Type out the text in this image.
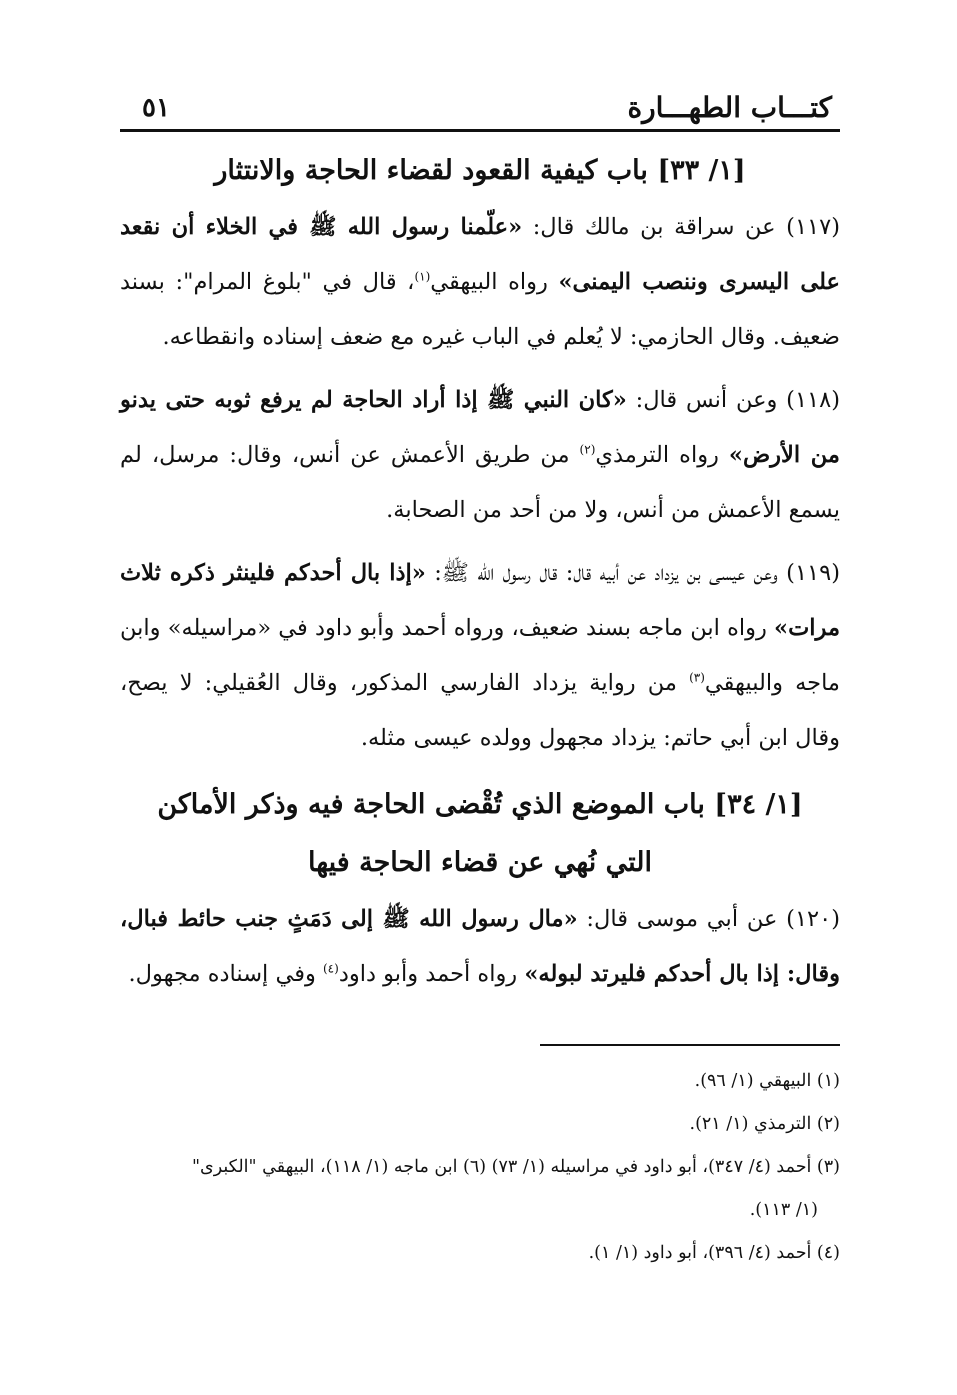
كتـــاب الطهـــارة
٥١
[١/ ٣٣] باب كيفية القعود لقضاء الحاجة والانتثار

(١١٧) عن سراقة بن مالك قال: «علّمنا رسول الله ﷺ في الخلاء أن نقعد على اليسرى وننصب اليمنى» رواه البيهقي$^{(١)}$، قال في "بلوغ المرام": بسند ضعيف. وقال الحازمي: لا يُعلم في الباب غيره مع ضعف إسناده وانقطاعه.

(١١٨) وعن أنس قال: «كان النبي ﷺ إذا أراد الحاجة لم يرفع ثوبه حتى يدنو من الأرض» رواه الترمذي$^{(٢)}$ من طريق الأعمش عن أنس، وقال: مرسل، لم يسمع الأعمش من أنس، ولا من أحد من الصحابة.

(١١٩) وعن عيسى بن يزداد عن أبيه قال: قال رسول الله ﷺ: «إذا بال أحدكم فلينثر ذكره ثلاث مرات» رواه ابن ماجه بسند ضعيف، ورواه أحمد وأبو داود في «مراسيله» وابن ماجه والبيهقي$^{(٣)}$ من رواية يزداد الفارسي المذكور، وقال العُقيلي: لا يصح، وقال ابن أبي حاتم: يزداد مجهول وولده عيسى مثله.

[١/ ٣٤] باب الموضع الذي تُقْضى الحاجة فيه وذكر الأماكن
التي نُهي عن قضاء الحاجة فيها

(١٢٠) عن أبي موسى قال: «مال رسول الله ﷺ إلى دَمَثٍ جنب حائط فبال، وقال: إذا بال أحدكم فليرتد لبوله» رواه أحمد وأبو داود$^{(٤)}$ وفي إسناده مجهول.

(١) البيهقي (١/ ٩٦).

(٢) الترمذي (١/ ٢١).

(٣) أحمد (٤/ ٣٤٧)، أبو داود في مراسيله (١/ ٧٣) (٦) ابن ماجه (١/ ١١٨)، البيهقي "الكبرى"

(١/ ١١٣).

(٤) أحمد (٤/ ٣٩٦)، أبو داود (١/ ١).
